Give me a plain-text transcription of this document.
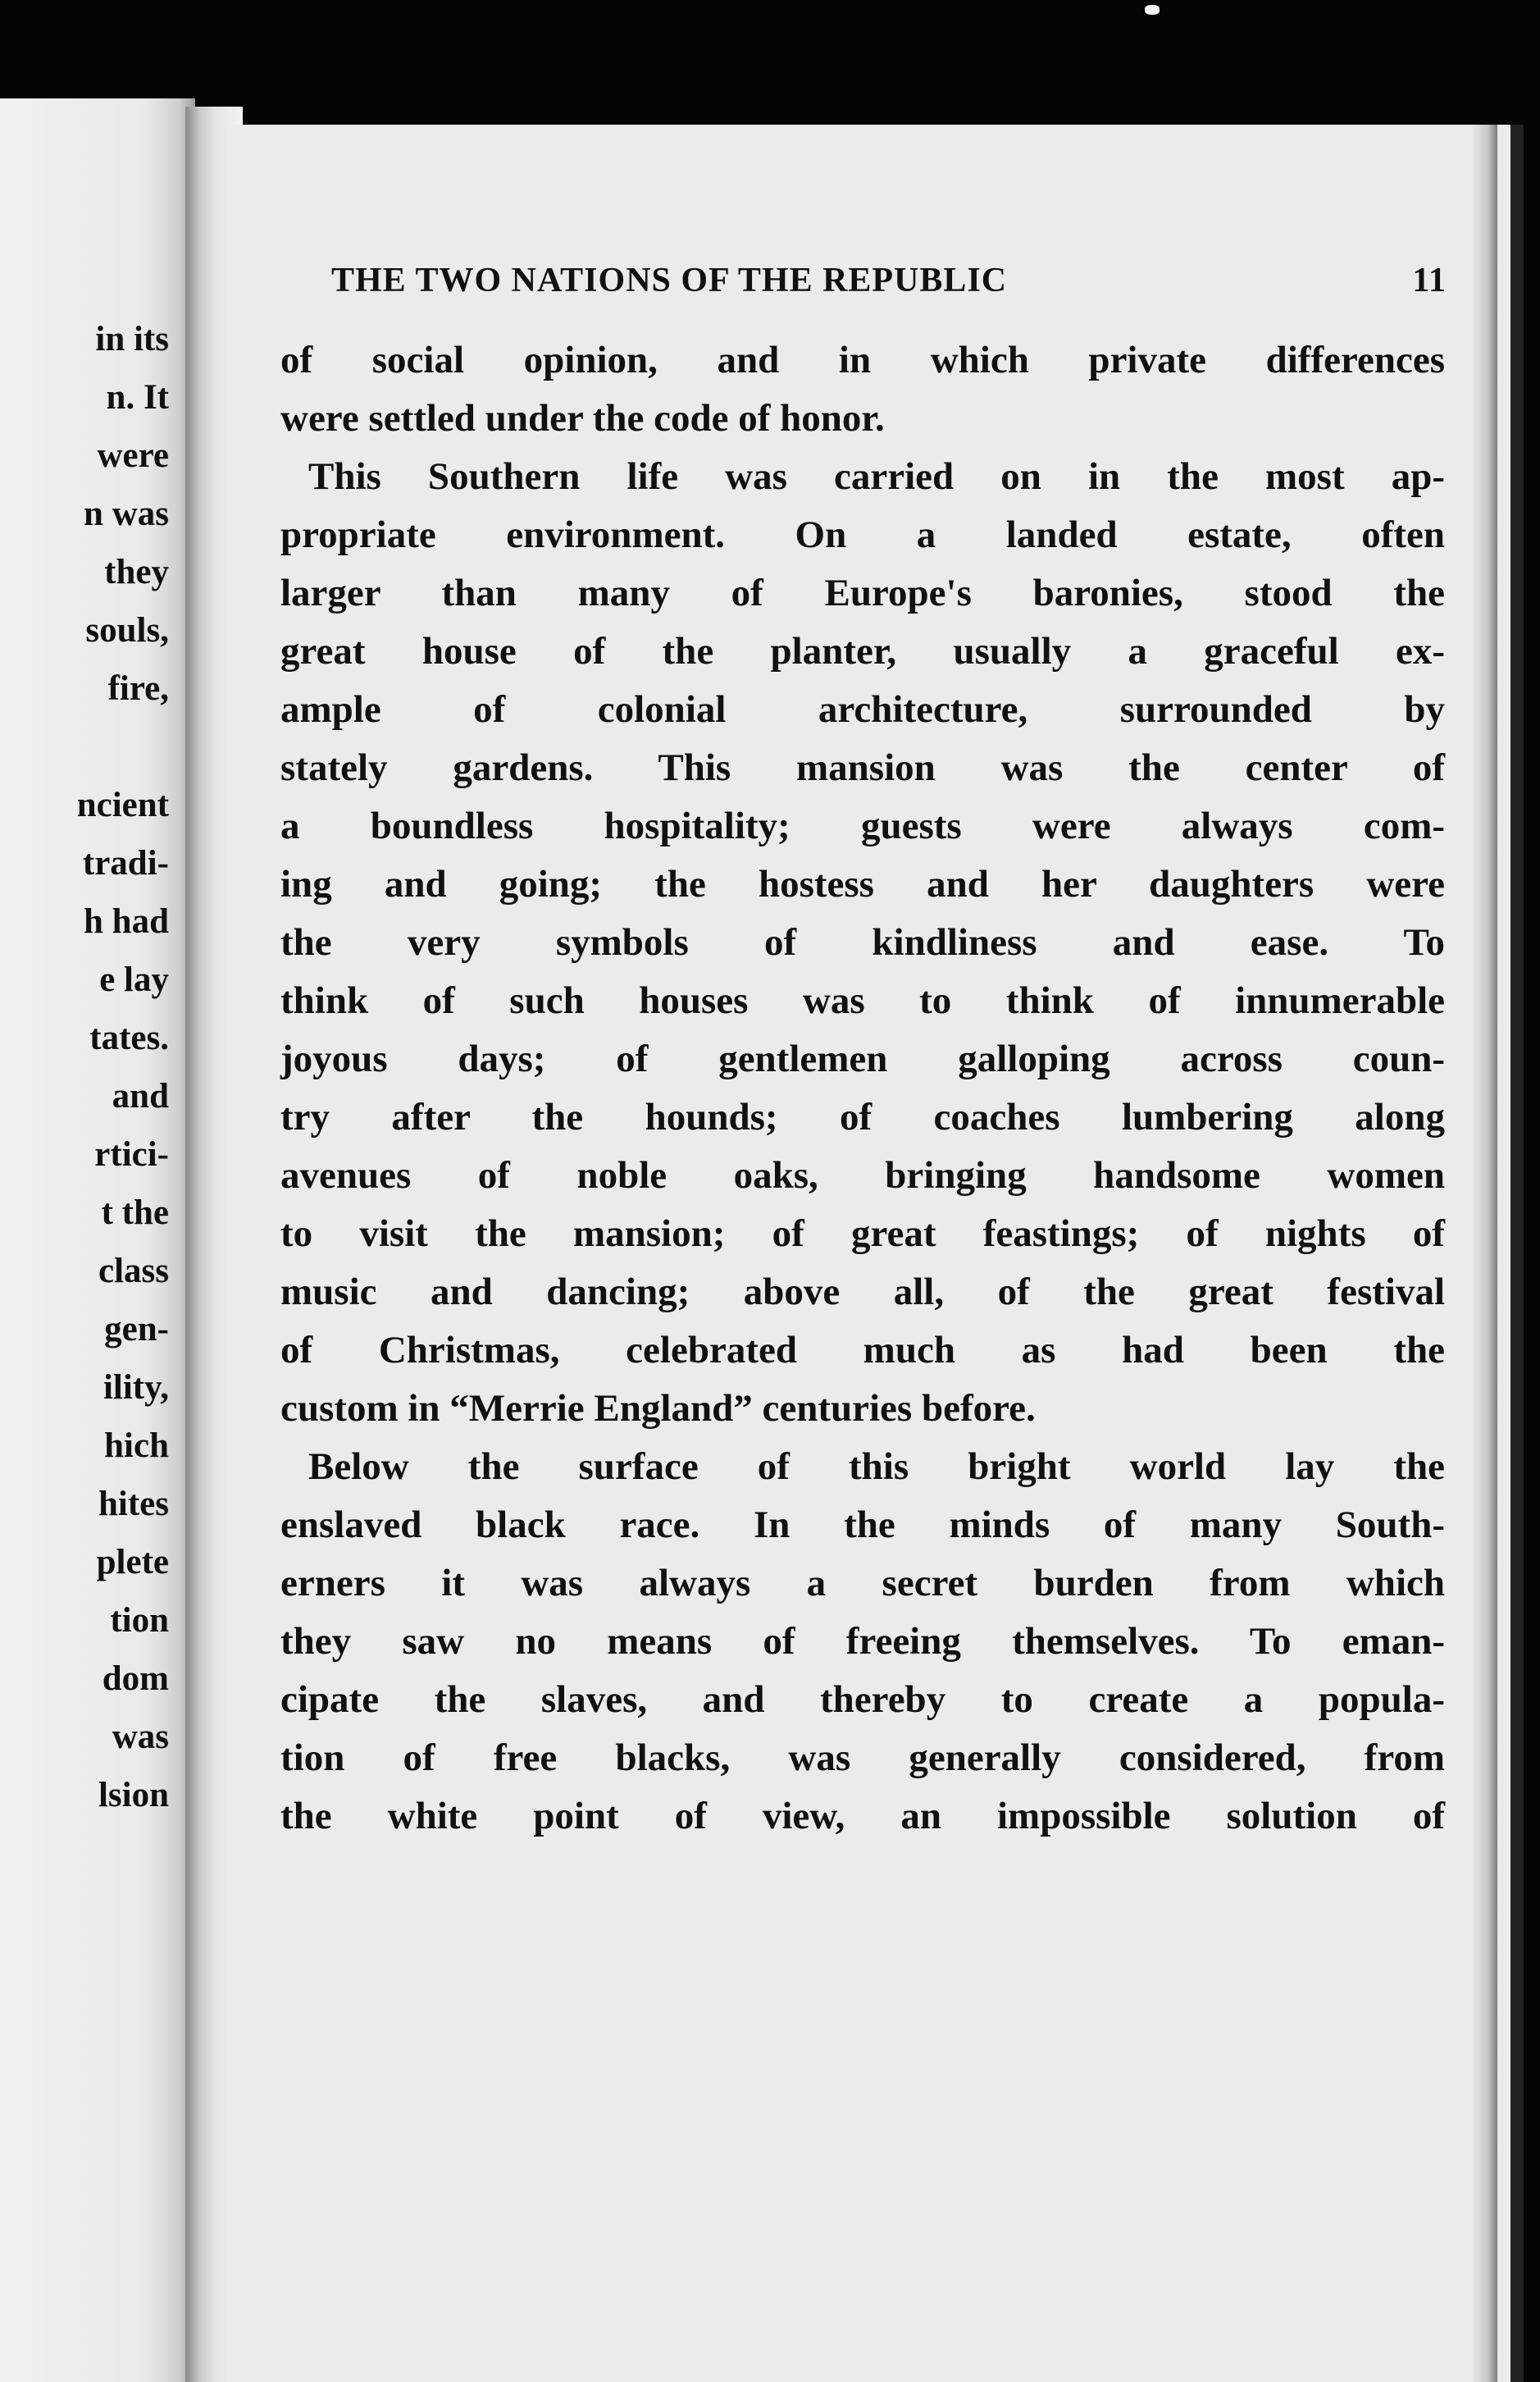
in its
n. It
were
n was
they
souls,
fire,
ncient
tradi-
h had
e lay
tates.
and
rtici-
t the
class
gen-
ility,
hich
hites
plete
tion
dom
was
lsion
THE TWO NATIONS OF THE REPUBLIC	11
of social opinion, and in which private differences
were settled under the code of honor.
This Southern life was carried on in the most ap-
propriate environment. On a landed estate, often
larger than many of Europe's baronies, stood the
great house of the planter, usually a graceful ex-
ample of colonial architecture, surrounded by
stately gardens. This mansion was the center of
a boundless hospitality; guests were always com-
ing and going; the hostess and her daughters were
the very symbols of kindliness and ease. To
think of such houses was to think of innumerable
joyous days; of gentlemen galloping across coun-
try after the hounds; of coaches lumbering along
avenues of noble oaks, bringing handsome women
to visit the mansion; of great feastings; of nights of
music and dancing; above all, of the great festival
of Christmas, celebrated much as had been the
custom in “Merrie England” centuries before.
Below the surface of this bright world lay the
enslaved black race. In the minds of many South-
erners it was always a secret burden from which
they saw no means of freeing themselves. To eman-
cipate the slaves, and thereby to create a popula-
tion of free blacks, was generally considered, from
the white point of view, an impossible solution of
